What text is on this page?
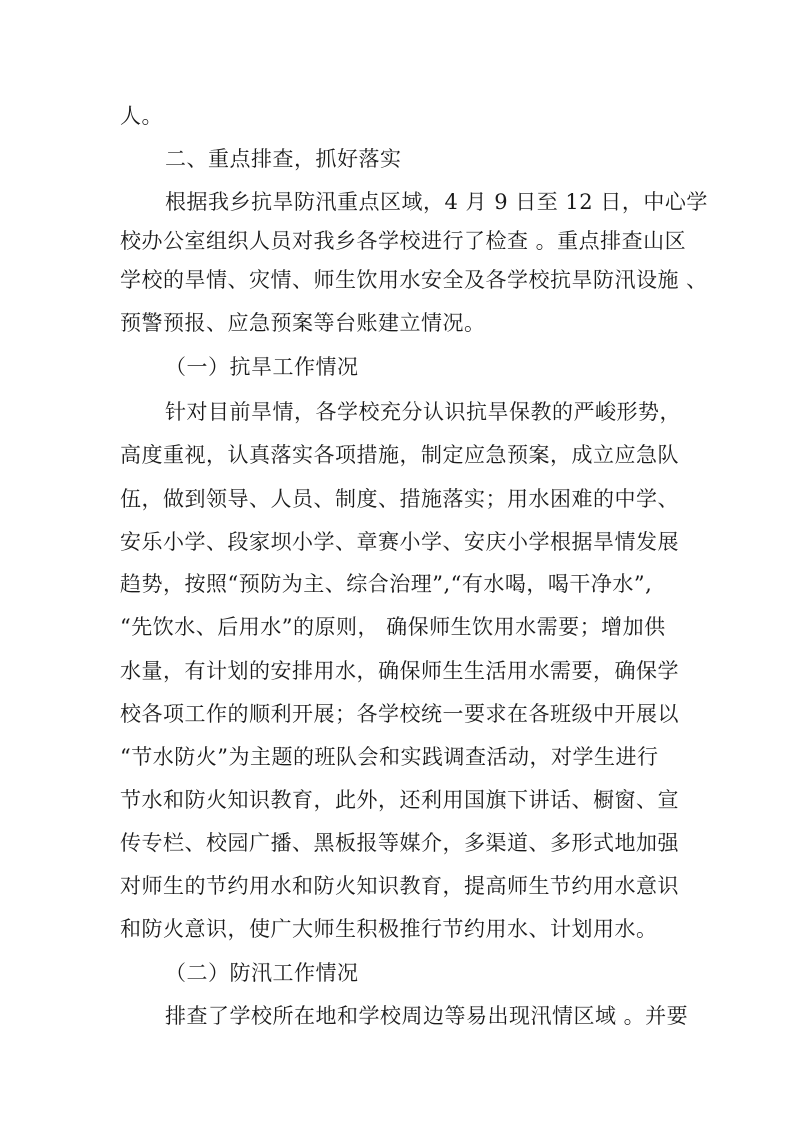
人。
二、重点排查，抓好落实
根据我乡抗旱防汛重点区域，4 月 9 日至 12 日，中心学
校办公室组织人员对我乡各学校进行了检查 。重点排查山区
学校的旱情、灾情、师生饮用水安全及各学校抗旱防汛设施 、
预警预报、应急预案等台账建立情况。
（一）抗旱工作情况
针对目前旱情，各学校充分认识抗旱保教的严峻形势，
高度重视，认真落实各项措施，制定应急预案，成立应急队
伍，做到领导、人员、制度、措施落实；用水困难的中学、
安乐小学、段家坝小学、章赛小学、安庆小学根据旱情发展
趋势，按照“预防为主、综合治理”,“有水喝，喝干净水”,
“先饮水、后用水”的原则， 确保师生饮用水需要；增加供
水量，有计划的安排用水，确保师生生活用水需要，确保学
校各项工作的顺利开展；各学校统一要求在各班级中开展以
“节水防火”为主题的班队会和实践调查活动，对学生进行
节水和防火知识教育，此外，还利用国旗下讲话、橱窗、宣
传专栏、校园广播、黑板报等媒介，多渠道、多形式地加强
对师生的节约用水和防火知识教育，提高师生节约用水意识
和防火意识，使广大师生积极推行节约用水、计划用水。
（二）防汛工作情况
排查了学校所在地和学校周边等易出现汛情区域 。并要
